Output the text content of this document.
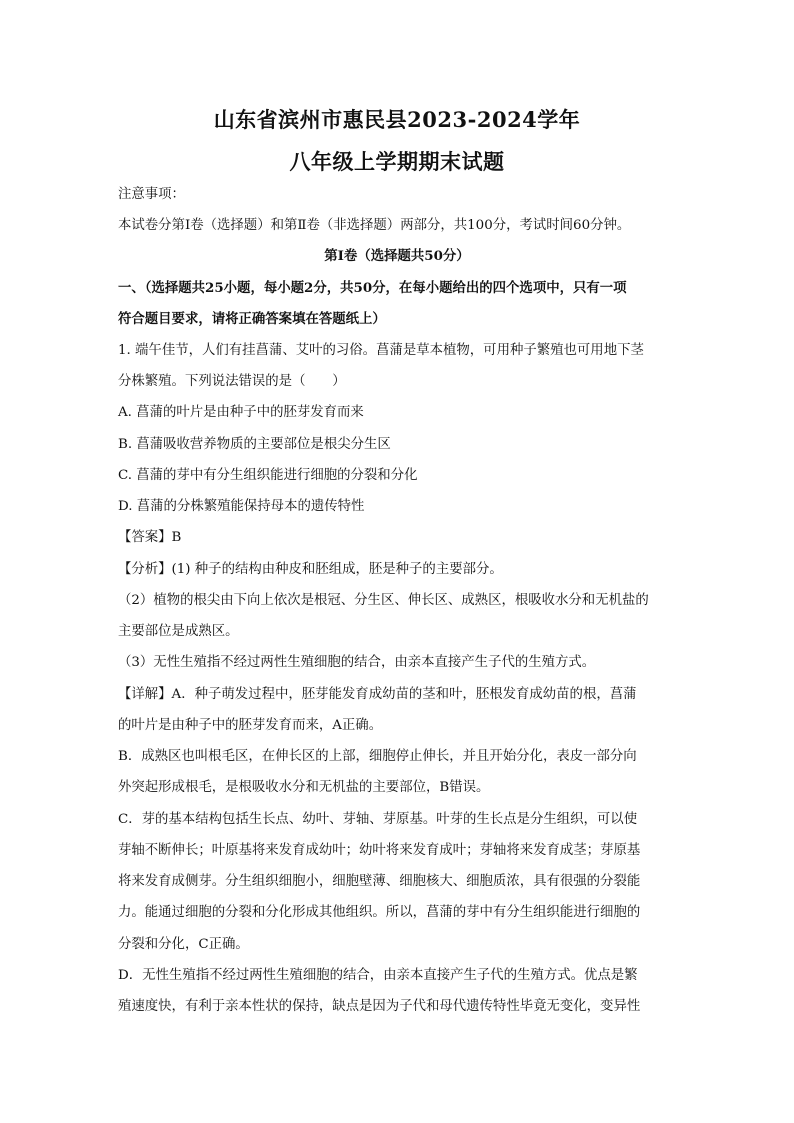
山东省滨州市惠民县2023-2024学年
八年级上学期期末试题
注意事项：
本试卷分第Ⅰ卷（选择题）和第Ⅱ卷（非选择题）两部分，共100分，考试时间60分钟。
第Ⅰ卷（选择题共50分）
一、（选择题共25小题，每小题2分，共50分，在每小题给出的四个选项中，只有一项
符合题目要求，请将正确答案填在答题纸上）
1. 端午佳节，人们有挂菖蒲、艾叶的习俗。菖蒲是草本植物，可用种子繁殖也可用地下茎
分株繁殖。下列说法错误的是（　　）
A. 菖蒲的叶片是由种子中的胚芽发育而来
B. 菖蒲吸收营养物质的主要部位是根尖分生区
C. 菖蒲的芽中有分生组织能进行细胞的分裂和分化
D. 菖蒲的分株繁殖能保持母本的遗传特性
【答案】B
【分析】(1) 种子的结构由种皮和胚组成，胚是种子的主要部分。
（2）植物的根尖由下向上依次是根冠、分生区、伸长区、成熟区，根吸收水分和无机盐的
主要部位是成熟区。
（3）无性生殖指不经过两性生殖细胞的结合，由亲本直接产生子代的生殖方式。
【详解】A．种子萌发过程中，胚芽能发育成幼苗的茎和叶，胚根发育成幼苗的根，菖蒲
的叶片是由种子中的胚芽发育而来，A正确。
B．成熟区也叫根毛区，在伸长区的上部，细胞停止伸长，并且开始分化，表皮一部分向
外突起形成根毛，是根吸收水分和无机盐的主要部位，B错误。
C．芽的基本结构包括生长点、幼叶、芽轴、芽原基。叶芽的生长点是分生组织，可以使
芽轴不断伸长；叶原基将来发育成幼叶；幼叶将来发育成叶；芽轴将来发育成茎；芽原基
将来发育成侧芽。分生组织细胞小，细胞壁薄、细胞核大、细胞质浓，具有很强的分裂能
力。能通过细胞的分裂和分化形成其他组织。所以，菖蒲的芽中有分生组织能进行细胞的
分裂和分化，C正确。
D．无性生殖指不经过两性生殖细胞的结合，由亲本直接产生子代的生殖方式。优点是繁
殖速度快，有利于亲本性状的保持，缺点是因为子代和母代遗传特性毕竟无变化，变异性
